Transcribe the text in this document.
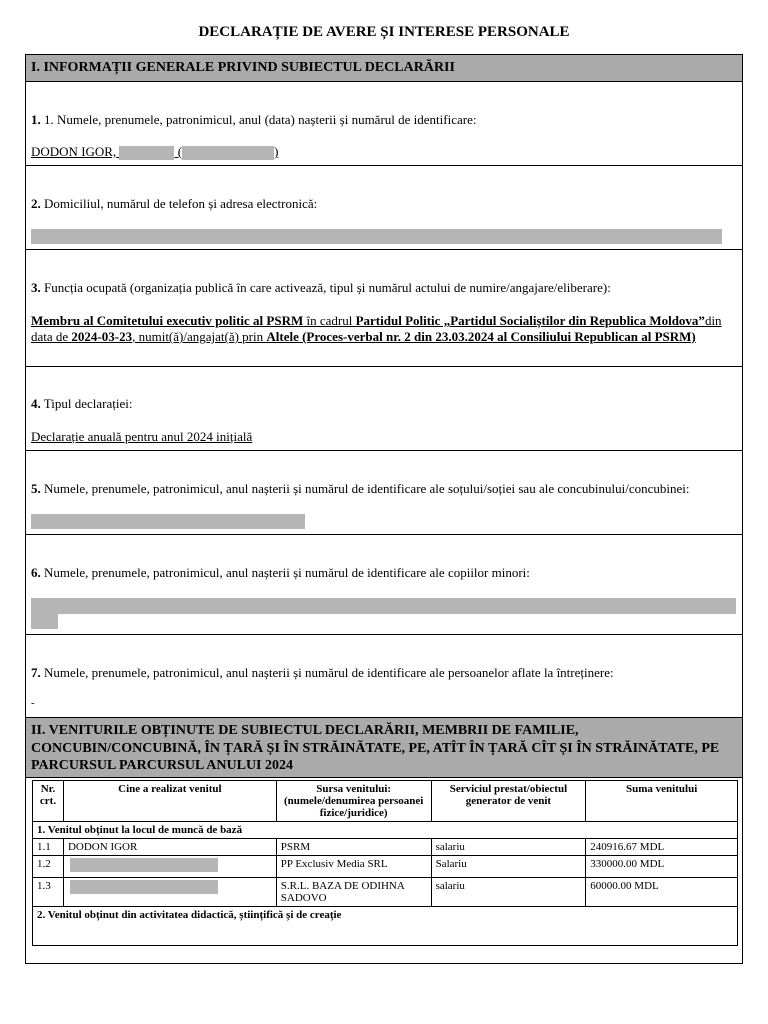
DECLARAȚIE DE AVERE ȘI INTERESE PERSONALE
I. INFORMAȚII GENERALE PRIVIND SUBIECTUL DECLARĂRII
1. 1. Numele, prenumele, patronimicul, anul (data) nașterii și numărul de identificare:
DODON IGOR,	(	)
2. Domiciliul, numărul de telefon și adresa electronică:
3. Funcția ocupată (organizația publică în care activează, tipul și numărul actului de numire/angajare/eliberare):
Membru al Comitetului executiv politic al PSRM în cadrul Partidul Politic „Partidul Socialiștilor din Republica Moldova”din data de 2024-03-23, numit(ă)/angajat(ă) prin Altele (Proces-verbal nr. 2 din 23.03.2024 al Consiliului Republican al PSRM)
4. Tipul declarației:
Declarație anuală pentru anul 2024 inițială
5. Numele, prenumele, patronimicul, anul nașterii și numărul de identificare ale soțului/soției sau ale concubinului/concubinei:
6. Numele, prenumele, patronimicul, anul nașterii și numărul de identificare ale copiilor minori:
7. Numele, prenumele, patronimicul, anul nașterii și numărul de identificare ale persoanelor aflate la întreținere:
-
II. VENITURILE OBȚINUTE DE SUBIECTUL DECLARĂRII, MEMBRII DE FAMILIE, CONCUBIN/CONCUBINĂ, ÎN ȚARĂ ȘI ÎN STRĂINĂTATE, PE, ATÎT ÎN ȚARĂ CÎT ȘI ÎN STRĂINĂTATE, PE PARCURSUL PARCURSUL ANULUI 2024
Nr. crt.	Cine a realizat venitul	Sursa venitului: (numele/denumirea persoanei fizice/juridice)	Serviciul prestat/obiectul generator de venit	Suma venitului
1. Venitul obținut la locul de muncă de bază				
1.1	DODON IGOR	PSRM	salariu	240916.67 MDL
1.2		PP Exclusiv Media SRL	Salariu	330000.00 MDL
1.3		S.R.L. BAZA DE ODIHNA SADOVO	salariu	60000.00 MDL
2. Venitul obținut din activitatea didactică, științifică și de creație				
